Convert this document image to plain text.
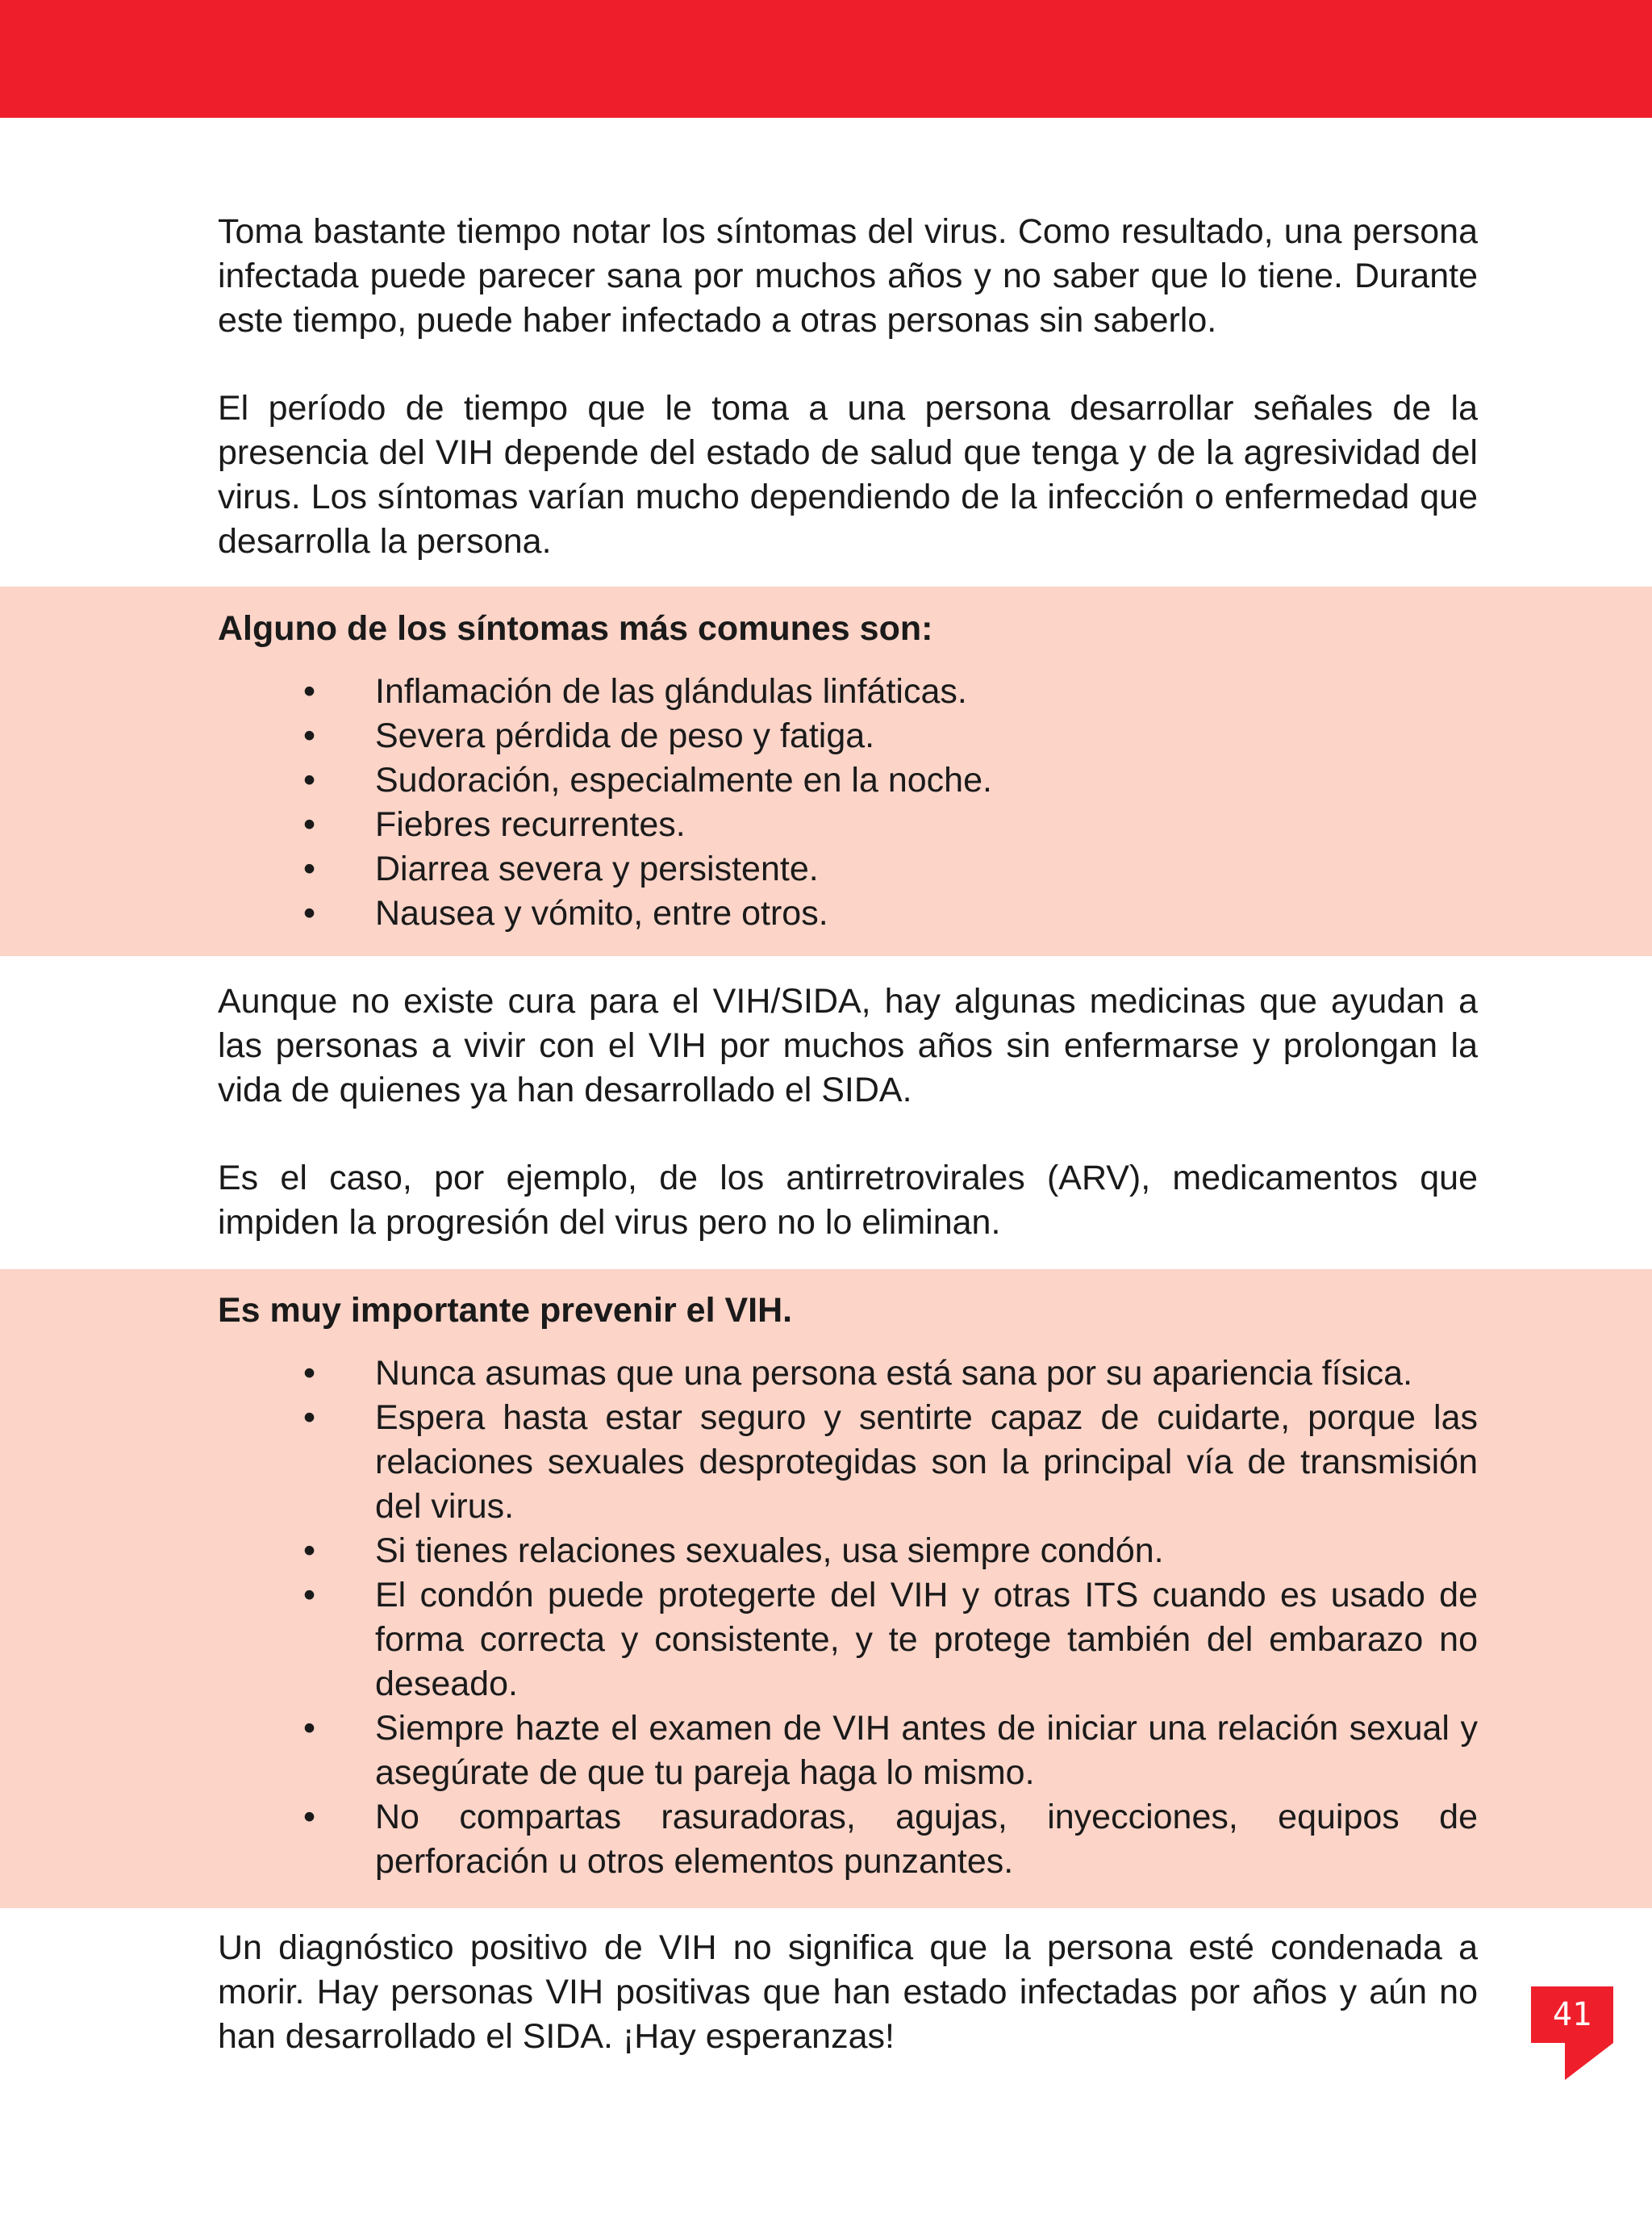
Toma bastante tiempo notar los síntomas del virus. Como resultado, una persona infectada puede parecer sana por muchos años y no saber que lo tiene. Durante este tiempo, puede haber infectado a otras personas sin saberlo.

El período de tiempo que le toma a una persona desarrollar señales de la presencia del VIH depende del estado de salud que tenga y de la agresividad del virus. Los síntomas varían mucho dependiendo de la infección o enfermedad que desarrolla la persona.

Alguno de los síntomas más comunes son:

•	Inflamación de las glándulas linfáticas.
•	Severa pérdida de peso y fatiga.
•	Sudoración, especialmente en la noche.
•	Fiebres recurrentes.
•	Diarrea severa y persistente.
•	Nausea y vómito, entre otros.

Aunque no existe cura para el VIH/SIDA, hay algunas medicinas que ayudan a las personas a vivir con el VIH por muchos años sin enfermarse y prolongan la vida de quienes ya han desarrollado el SIDA.

Es el caso, por ejemplo, de los antirretrovirales (ARV), medicamentos que impiden la progresión del virus pero no lo eliminan.

Es muy importante prevenir el VIH.

•	Nunca asumas que una persona está sana por su apariencia física.
•	Espera hasta estar seguro y sentirte capaz de cuidarte, porque las relaciones sexuales desprotegidas son la principal vía de transmisión del virus.
•	Si tienes relaciones sexuales, usa siempre condón.
•	El condón puede protegerte del VIH y otras ITS cuando es usado de forma correcta y consistente, y te protege también del embarazo no deseado.
•	Siempre hazte el examen de VIH antes de iniciar una relación sexual y asegúrate de que tu pareja haga lo mismo.
•	No compartas rasuradoras, agujas, inyecciones, equipos de perforación u otros elementos punzantes.

Un diagnóstico positivo de VIH no significa que la persona esté condenada a morir. Hay personas VIH positivas que han estado infectadas por años y aún no han desarrollado el SIDA. ¡Hay esperanzas!

41
